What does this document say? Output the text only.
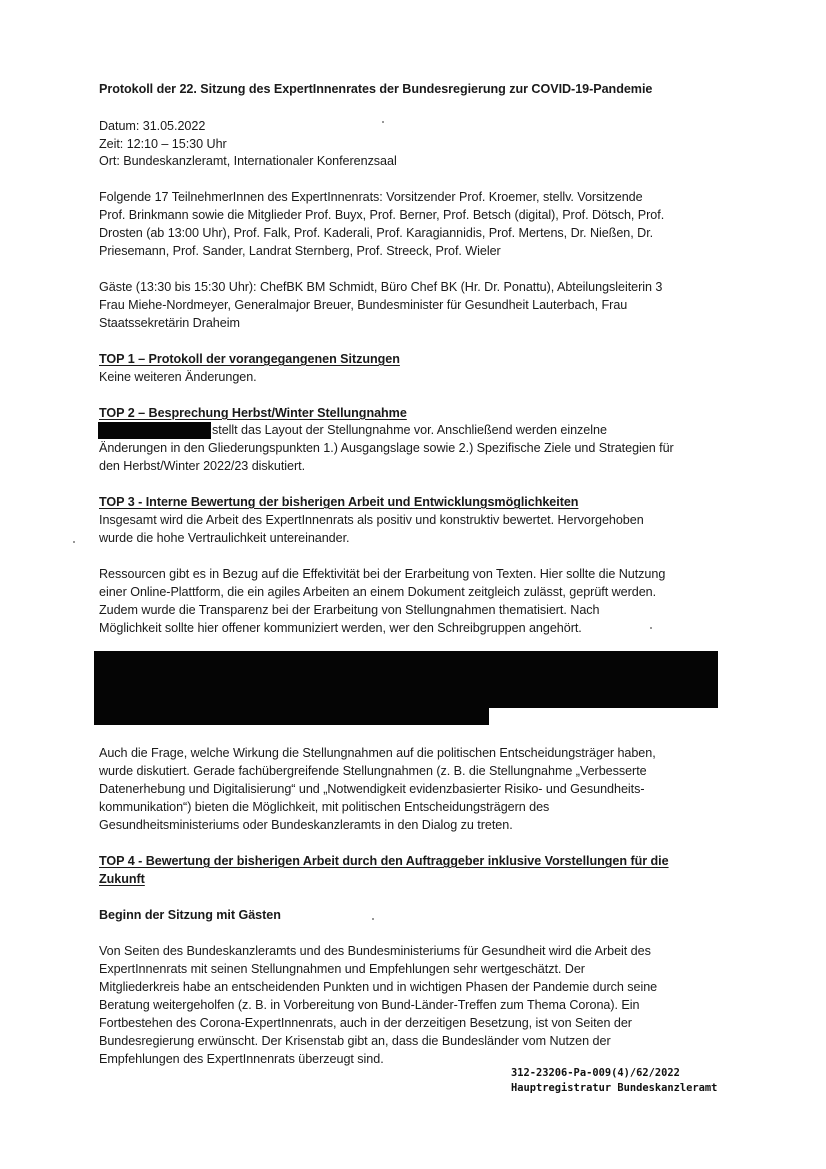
Protokoll der 22. Sitzung des ExpertInnenrates der Bundesregierung zur COVID-19-Pandemie

Datum: 31.05.2022

Zeit: 12:10 – 15:30 Uhr

Ort: Bundeskanzleramt, Internationaler Konferenzsaal

Folgende 17 TeilnehmerInnen des ExpertInnenrats: Vorsitzender Prof. Kroemer, stellv. Vorsitzende

Prof. Brinkmann sowie die Mitglieder Prof. Buyx, Prof. Berner, Prof. Betsch (digital), Prof. Dötsch, Prof.

Drosten (ab 13:00 Uhr), Prof. Falk, Prof. Kaderali, Prof. Karagiannidis, Prof. Mertens, Dr. Nießen, Dr.

Priesemann, Prof. Sander, Landrat Sternberg, Prof. Streeck, Prof. Wieler

Gäste (13:30 bis 15:30 Uhr): ChefBK BM Schmidt, Büro Chef BK (Hr. Dr. Ponattu), Abteilungsleiterin 3

Frau Miehe-Nordmeyer, Generalmajor Breuer, Bundesminister für Gesundheit Lauterbach, Frau

Staatssekretärin Draheim

TOP 1 – Protokoll der vorangegangenen Sitzungen

Keine weiteren Änderungen.

TOP 2 – Besprechung Herbst/Winter Stellungnahme

stellt das Layout der Stellungnahme vor. Anschließend werden einzelne

Änderungen in den Gliederungspunkten 1.) Ausgangslage sowie 2.) Spezifische Ziele und Strategien für

den Herbst/Winter 2022/23 diskutiert.

TOP 3 - Interne Bewertung der bisherigen Arbeit und Entwicklungsmöglichkeiten

Insgesamt wird die Arbeit des ExpertInnenrats als positiv und konstruktiv bewertet. Hervorgehoben

wurde die hohe Vertraulichkeit untereinander.

Ressourcen gibt es in Bezug auf die Effektivität bei der Erarbeitung von Texten. Hier sollte die Nutzung

einer Online-Plattform, die ein agiles Arbeiten an einem Dokument zeitgleich zulässt, geprüft werden.

Zudem wurde die Transparenz bei der Erarbeitung von Stellungnahmen thematisiert. Nach

Möglichkeit sollte hier offener kommuniziert werden, wer den Schreibgruppen angehört.

Auch die Frage, welche Wirkung die Stellungnahmen auf die politischen Entscheidungsträger haben,

wurde diskutiert. Gerade fachübergreifende Stellungnahmen (z. B. die Stellungnahme „Verbesserte

Datenerhebung und Digitalisierung“ und „Notwendigkeit evidenzbasierter Risiko- und Gesundheits-

kommunikation“) bieten die Möglichkeit, mit politischen Entscheidungsträgern des

Gesundheitsministeriums oder Bundeskanzleramts in den Dialog zu treten.

TOP 4 - Bewertung der bisherigen Arbeit durch den Auftraggeber inklusive Vorstellungen für die

Zukunft

Beginn der Sitzung mit Gästen

Von Seiten des Bundeskanzleramts und des Bundesministeriums für Gesundheit wird die Arbeit des

ExpertInnenrats mit seinen Stellungnahmen und Empfehlungen sehr wertgeschätzt. Der

Mitgliederkreis habe an entscheidenden Punkten und in wichtigen Phasen der Pandemie durch seine

Beratung weitergeholfen (z. B. in Vorbereitung von Bund-Länder-Treffen zum Thema Corona). Ein

Fortbestehen des Corona-ExpertInnenrats, auch in der derzeitigen Besetzung, ist von Seiten der

Bundesregierung erwünscht. Der Krisenstab gibt an, dass die Bundesländer vom Nutzen der

Empfehlungen des ExpertInnenrats überzeugt sind.

312-23206-Pa-009(4)/62/2022

Hauptregistratur Bundeskanzleramt
